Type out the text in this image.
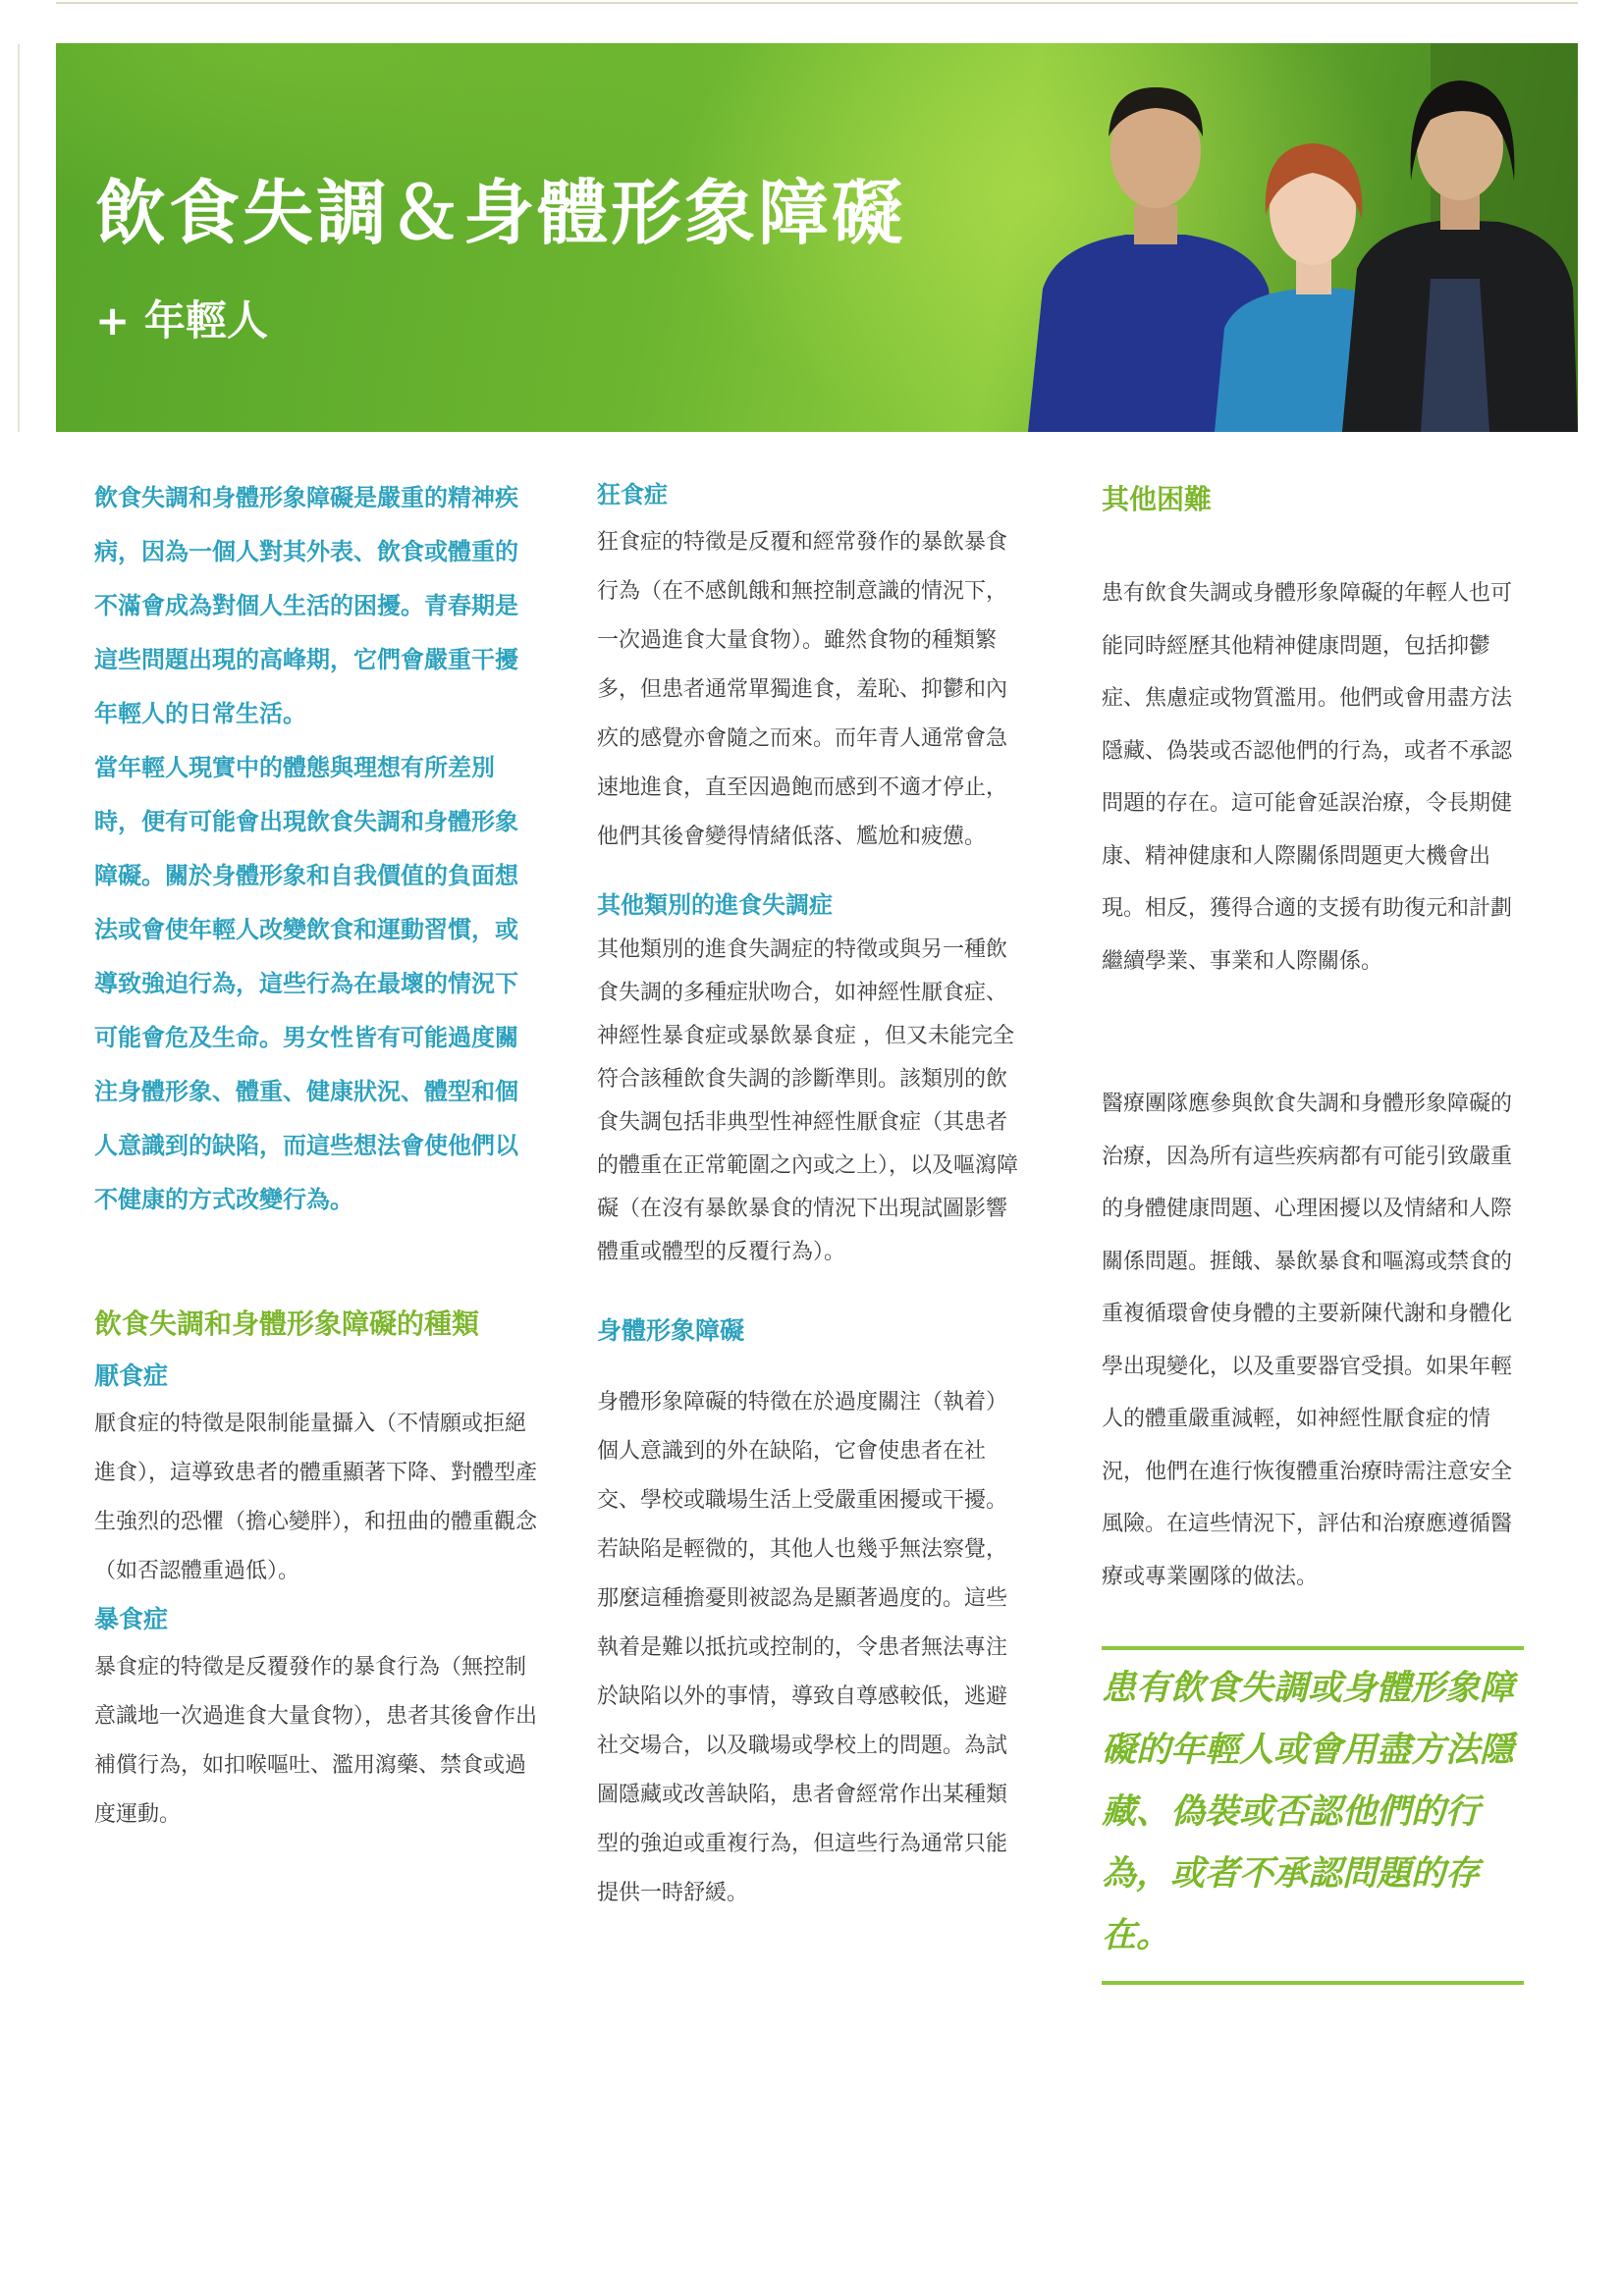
飲食失調＆身體形象障礙

+ 年輕人

飲食失調和身體形象障礙是嚴重的精神疾病，因為一個人對其外表、飲食或體重的不滿會成為對個人生活的困擾。青春期是這些問題出現的高峰期，它們會嚴重干擾年輕人的日常生活。

當年輕人現實中的體態與理想有所差別時，便有可能會出現飲食失調和身體形象障礙。關於身體形象和自我價值的負面想法或會使年輕人改變飲食和運動習慣，或導致強迫行為，這些行為在最壞的情況下可能會危及生命。男女性皆有可能過度關注身體形象、體重、健康狀況、體型和個人意識到的缺陷，而這些想法會使他們以不健康的方式改變行為。

飲食失調和身體形象障礙的種類
厭食症

厭食症的特徵是限制能量攝入（不情願或拒絕進食），這導致患者的體重顯著下降、對體型產生強烈的恐懼（擔心變胖），和扭曲的體重觀念（如否認體重過低）。

暴食症

暴食症的特徵是反覆發作的暴食行為（無控制意識地一次過進食大量食物），患者其後會作出補償行為，如扣喉嘔吐、濫用瀉藥、禁食或過度運動。

狂食症

狂食症的特徵是反覆和經常發作的暴飲暴食行為（在不感飢餓和無控制意識的情況下，一次過進食大量食物）。雖然食物的種類繁多，但患者通常單獨進食，羞恥、抑鬱和內疚的感覺亦會隨之而來。而年青人通常會急速地進食，直至因過飽而感到不適才停止，他們其後會變得情緒低落、尷尬和疲憊。

其他類別的進食失調症

其他類別的進食失調症的特徵或與另一種飲食失調的多種症狀吻合，如神經性厭食症、神經性暴食症或暴飲暴食症 ，但又未能完全符合該種飲食失調的診斷準則。該類別的飲食失調包括非典型性神經性厭食症（其患者的體重在正常範圍之內或之上），以及嘔瀉障礙（在沒有暴飲暴食的情況下出現試圖影響體重或體型的反覆行為）。

身體形象障礙

身體形象障礙的特徵在於過度關注（執着）個人意識到的外在缺陷，它會使患者在社交、學校或職場生活上受嚴重困擾或干擾。若缺陷是輕微的，其他人也幾乎無法察覺，那麼這種擔憂則被認為是顯著過度的。這些執着是難以抵抗或控制的，令患者無法專注於缺陷以外的事情，導致自尊感較低，逃避社交場合，以及職場或學校上的問題。為試圖隱藏或改善缺陷，患者會經常作出某種類型的強迫或重複行為，但這些行為通常只能提供一時舒緩。

其他困難

患有飲食失調或身體形象障礙的年輕人也可能同時經歷其他精神健康問題，包括抑鬱症、焦慮症或物質濫用。他們或會用盡方法隱藏、偽裝或否認他們的行為，或者不承認問題的存在。這可能會延誤治療，令長期健康、精神健康和人際關係問題更大機會出現。相反，獲得合適的支援有助復元和計劃繼續學業、事業和人際關係。

醫療團隊應參與飲食失調和身體形象障礙的治療，因為所有這些疾病都有可能引致嚴重的身體健康問題、心理困擾以及情緒和人際關係問題。捱餓、暴飲暴食和嘔瀉或禁食的重複循環會使身體的主要新陳代謝和身體化學出現變化，以及重要器官受損。如果年輕人的體重嚴重減輕，如神經性厭食症的情況，他們在進行恢復體重治療時需注意安全風險。在這些情況下，評估和治療應遵循醫療或專業團隊的做法。

患有飲食失調或身體形象障礙的年輕人或會用盡方法隱藏、偽裝或否認他們的行為，或者不承認問題的存在。
